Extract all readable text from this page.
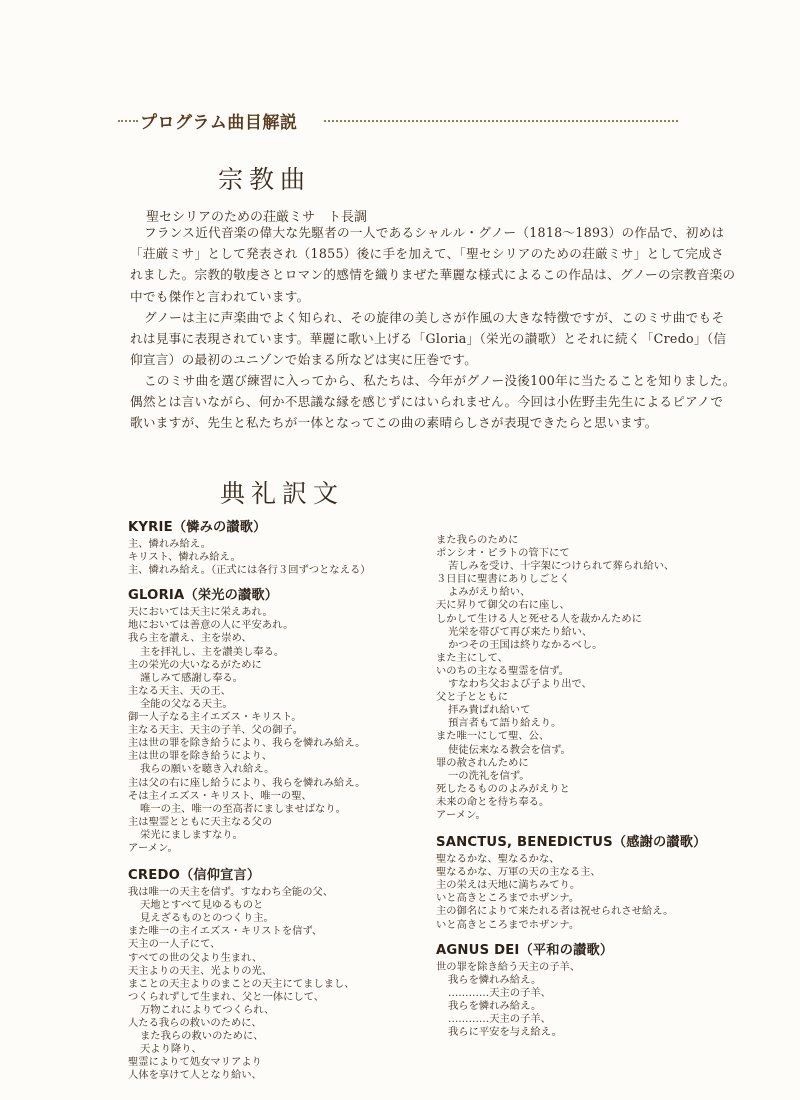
プログラム曲目解説
宗教曲
聖セシリアのための荘厳ミサ　ト長調

フランス近代音楽の偉大な先駆者の一人であるシャルル・グノー（1818〜1893）の作品で、初めは「荘厳ミサ」として発表され（1855）後に手を加えて、「聖セシリアのための荘厳ミサ」として完成されました。宗教的敬虔さとロマン的感情を織りまぜた華麗な様式によるこの作品は、グノーの宗教音楽の中でも傑作と言われています。

グノーは主に声楽曲でよく知られ、その旋律の美しさが作風の大きな特徴ですが、このミサ曲でもそれは見事に表現されています。華麗に歌い上げる「Gloria」（栄光の讃歌）とそれに続く「Credo」（信仰宣言）の最初のユニゾンで始まる所などは実に圧巻です。

このミサ曲を選び練習に入ってから、私たちは、今年がグノー没後100年に当たることを知りました。偶然とは言いながら、何か不思議な縁を感じずにはいられません。今回は小佐野圭先生によるピアノで歌いますが、先生と私たちが一体となってこの曲の素晴らしさが表現できたらと思います。

典礼訳文
KYRIE（憐みの讃歌）
主、憐れみ給え。
キリスト、憐れみ給え。
主、憐れみ給え。（正式には各行３回ずつとなえる）
GLORIA（栄光の讃歌）
天においては天主に栄えあれ。
地においては善意の人に平安あれ。
我ら主を讃え、主を崇め、
主を拝礼し、主を讃美し奉る。
主の栄光の大いなるがために
謹しみて感謝し奉る。
主なる天主、天の王、
全能の父なる天主。
御一人子なる主イエズス・キリスト。
主なる天主、天主の子羊、父の御子。
主は世の罪を除き給うにより、我らを憐れみ給え。
主は世の罪を除き給うにより、
我らの願いを聴き入れ給え。
主は父の右に座し給うにより、我らを憐れみ給え。
そは主イエズス・キリスト、唯一の聖、
唯一の主、唯一の至高者にましませばなり。
主は聖霊とともに天主なる父の
栄光にましますなり。
アーメン。
CREDO（信仰宣言）
我は唯一の天主を信ず。すなわち全能の父、
天地とすべて見ゆるものと
見えざるものとのつくり主。
また唯一の主イエズス・キリストを信ず、
天主の一人子にて、
すべての世の父より生まれ、
天主よりの天主、光よりの光、
まことの天主よりのまことの天主にてましまし、
つくられずして生まれ、父と一体にして、
万物これによりてつくられ、
人たる我らの救いのために、
また我らの救いのために、
天より降り、
聖霊によりて処女マリアより
人体を享けて人となり給い、
また我らのために
ポンシオ・ピラトの管下にて
苦しみを受け、十字架につけられて葬られ給い、
３日目に聖書にありしごとく
よみがえり給い、
天に昇りて御父の右に座し、
しかして生ける人と死せる人を裁かんために
光栄を帯びて再び来たり給い、
かつその王国は終りなかるべし。
また主にして、
いのちの主なる聖霊を信ず。
すなわち父および子より出で、
父と子とともに
拝み貴ばれ給いて
預言者もて語り給えり。
また唯一にして聖、公、
使徒伝来なる教会を信ず。
罪の赦されんために
一の洗礼を信ず。
死したるもののよみがえりと
未来の命とを待ち奉る。
アーメン。
SANCTUS, BENEDICTUS（感謝の讃歌）
聖なるかな、聖なるかな、
聖なるかな、万軍の天の主なる主、
主の栄えは天地に満ちみてり。
いと高きところまでホザンナ。
主の御名によりて来たれる者は祝せられさせ給え。
いと高きところまでホザンナ。
AGNUS DEI（平和の讃歌）
世の罪を除き給う天主の子羊、
我らを憐れみ給え。
…………天主の子羊、
我らを憐れみ給え。
…………天主の子羊、
我らに平安を与え給え。
